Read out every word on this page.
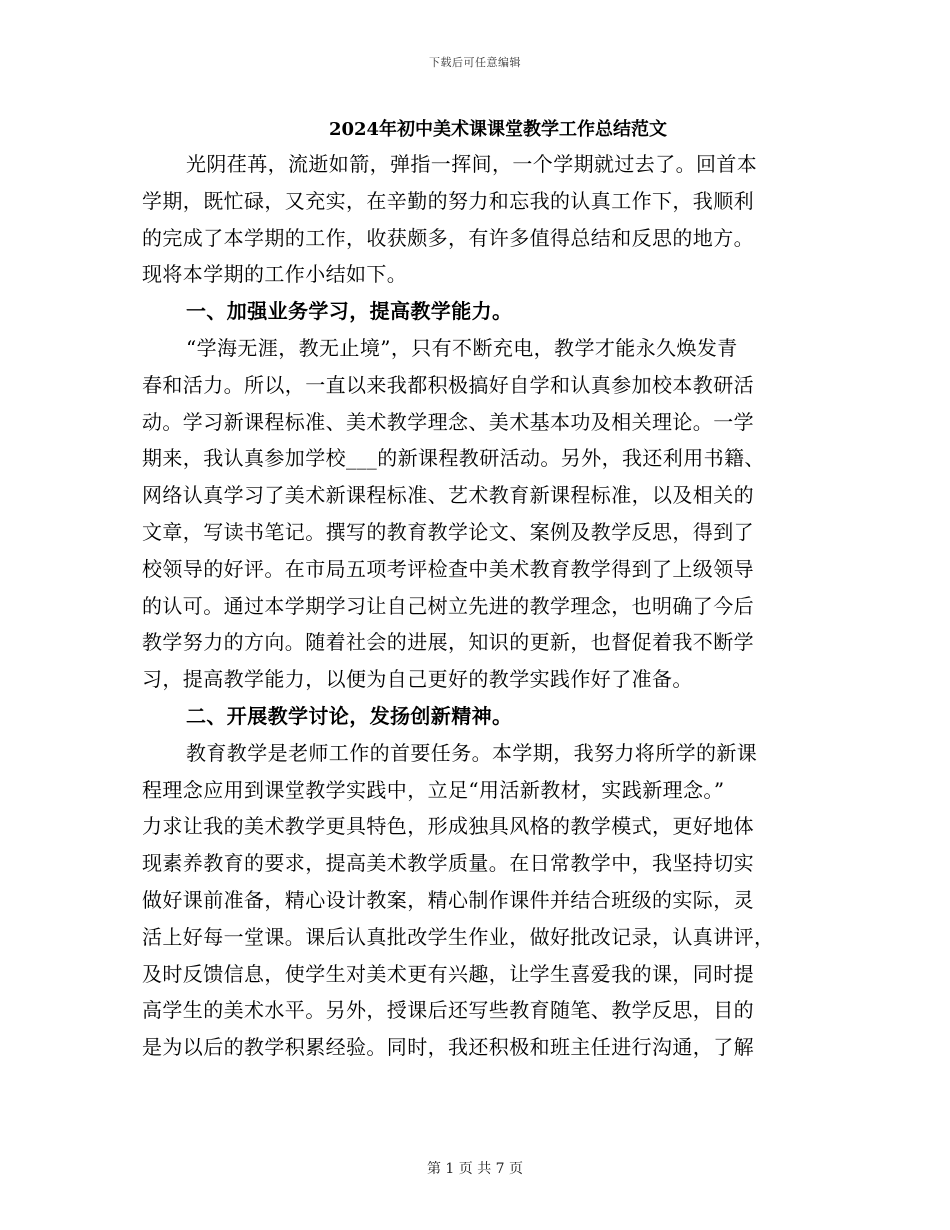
下载后可任意编辑
2024年初中美术课课堂教学工作总结范文
光阴荏苒，流逝如箭，弹指一挥间，一个学期就过去了。回首本
学期，既忙碌，又充实，在辛勤的努力和忘我的认真工作下，我顺利
的完成了本学期的工作，收获颇多，有许多值得总结和反思的地方。
现将本学期的工作小结如下。
一、加强业务学习，提高教学能力。
“学海无涯，教无止境”，只有不断充电，教学才能永久焕发青
春和活力。所以，一直以来我都积极搞好自学和认真参加校本教研活
动。学习新课程标准、美术教学理念、美术基本功及相关理论。一学
期来，我认真参加学校___的新课程教研活动。另外，我还利用书籍、
网络认真学习了美术新课程标准、艺术教育新课程标准，以及相关的
文章，写读书笔记。撰写的教育教学论文、案例及教学反思，得到了
校领导的好评。在市局五项考评检查中美术教育教学得到了上级领导
的认可。通过本学期学习让自己树立先进的教学理念，也明确了今后
教学努力的方向。随着社会的进展，知识的更新，也督促着我不断学
习，提高教学能力，以便为自己更好的教学实践作好了准备。
二、开展教学讨论，发扬创新精神。
教育教学是老师工作的首要任务。本学期，我努力将所学的新课
程理念应用到课堂教学实践中，立足“用活新教材，实践新理念。”
力求让我的美术教学更具特色，形成独具风格的教学模式，更好地体
现素养教育的要求，提高美术教学质量。在日常教学中，我坚持切实
做好课前准备，精心设计教案，精心制作课件并结合班级的实际，灵
活上好每一堂课。课后认真批改学生作业，做好批改记录，认真讲评，
及时反馈信息，使学生对美术更有兴趣，让学生喜爱我的课，同时提
高学生的美术水平。另外，授课后还写些教育随笔、教学反思，目的
是为以后的教学积累经验。同时，我还积极和班主任进行沟通，了解
第 1 页 共 7 页
